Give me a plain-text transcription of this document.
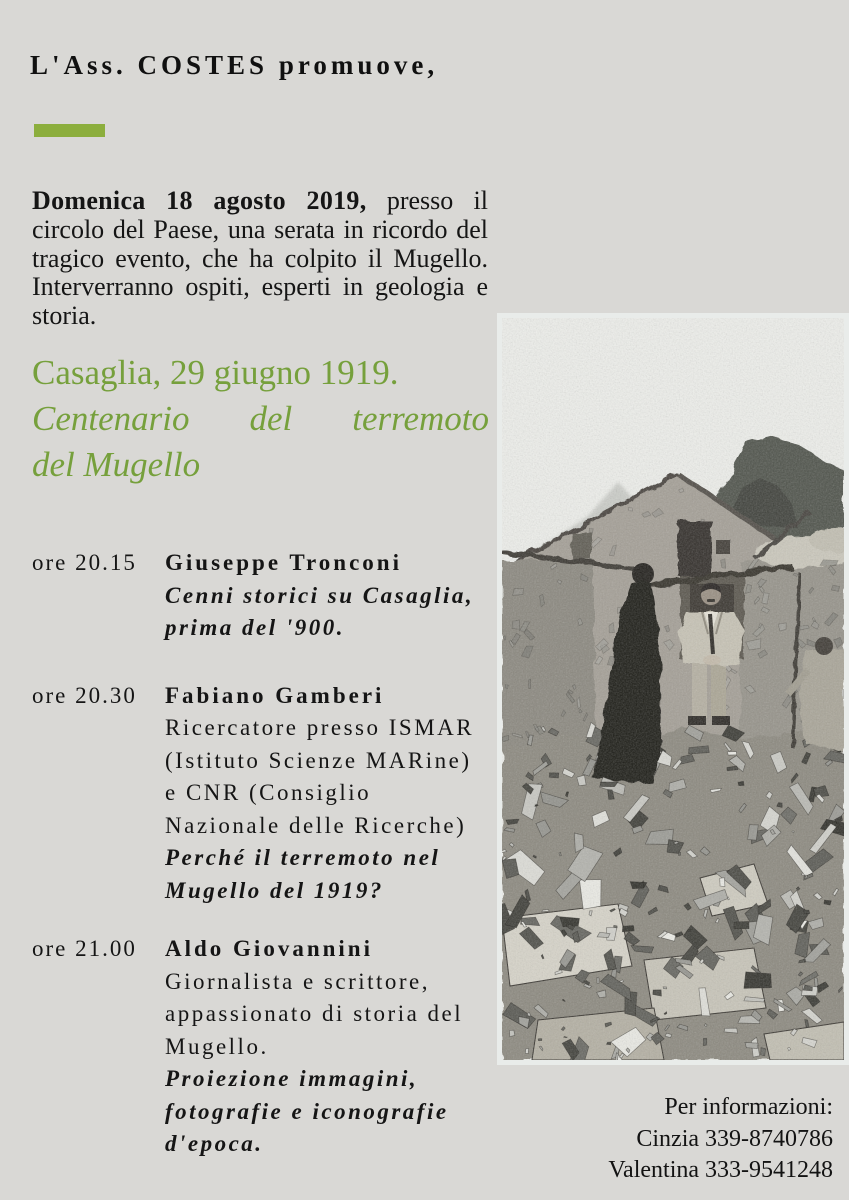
L'Ass. COSTES promuove,

Domenica 18 agosto 2019, presso il circolo del Paese, una serata in ricordo del tragico evento, che ha colpito il Mugello. Interverranno ospiti, esperti in geologia e storia.

Casaglia, 29 giugno 1919.
Centenario del terremoto
del Mugello
ore 20.15	Giuseppe Tronconi
Cenni storici su Casaglia,
prima del '900.
ore 20.30	Fabiano Gamberi
Ricercatore presso ISMAR
(Istituto Scienze MARine)
e CNR (Consiglio
Nazionale delle Ricerche)
Perché il terremoto nel
Mugello del 1919?
ore 21.00	Aldo Giovannini
Giornalista e scrittore,
appassionato di storia del
Mugello.
Proiezione immagini,
fotografie e iconografie
d'epoca.
Per informazioni:
Cinzia 339-8740786
Valentina 333-9541248
